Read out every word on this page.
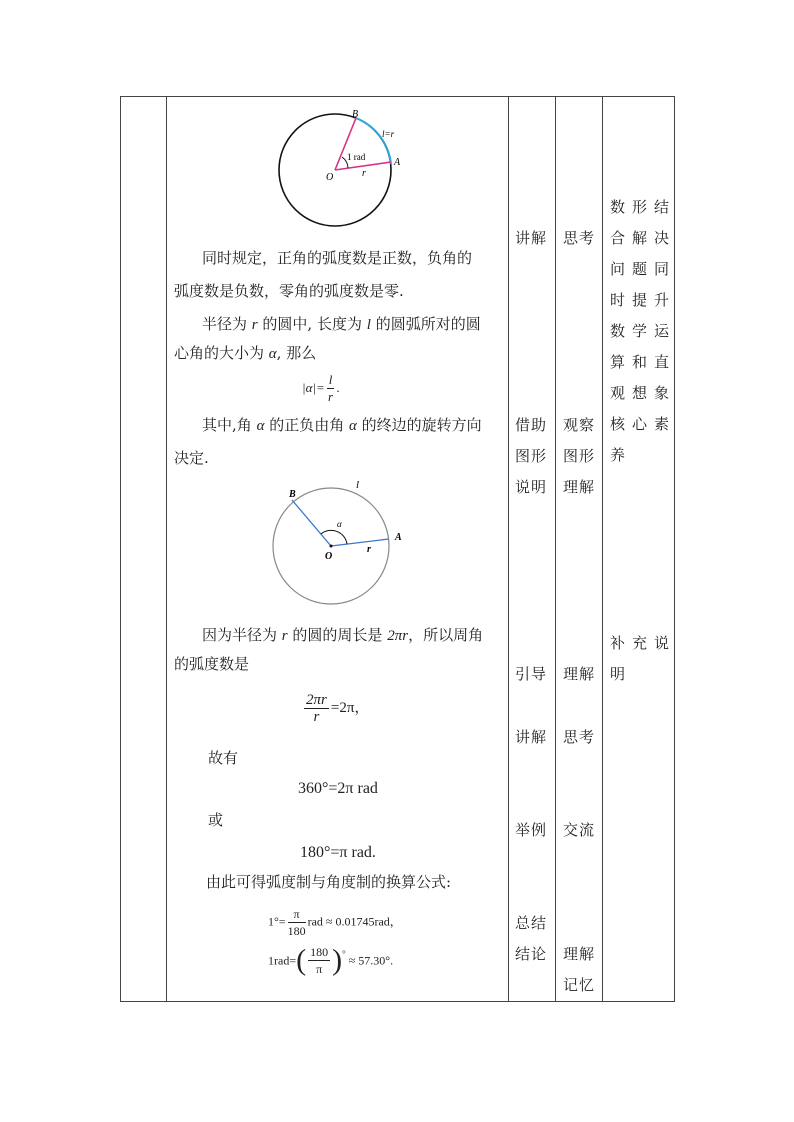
B
A
O	r
l=r
1 rad
同时规定，正角的弧度数是正数，负角的
弧度数是负数，零角的弧度数是零.
半径为 r 的圆中, 长度为 l 的圆弧所对的圆
心角的大小为 α, 那么
$|\alpha|= \frac{l}{r}$ .
其中,角 α 的正负由角 α 的终边的旋转方向
决定.
B
A
O
r
l
α
因为半径为 r 的圆的周长是 2πr，所以周角
的弧度数是
$\frac{2\pi r}{r} =2\pi$，
故有
360°=2π rad
或
180°=π rad.
由此可得弧度制与角度制的换算公式:
$1^\circ= \frac{\pi}{180}$ rad ≈ 0.01745rad，
$1rad=( \frac{180}{\pi} )^\circ \approx 57.30^\circ$.
讲解
借助
图形
说明
引导
讲解
举例
总结
结论
思考
观察
图形
理解
理解
思考
交流
理解
记忆
数形结
合解决
问题同
时提升
数学运
算和直
观想象
核心素
养
补充说
明
